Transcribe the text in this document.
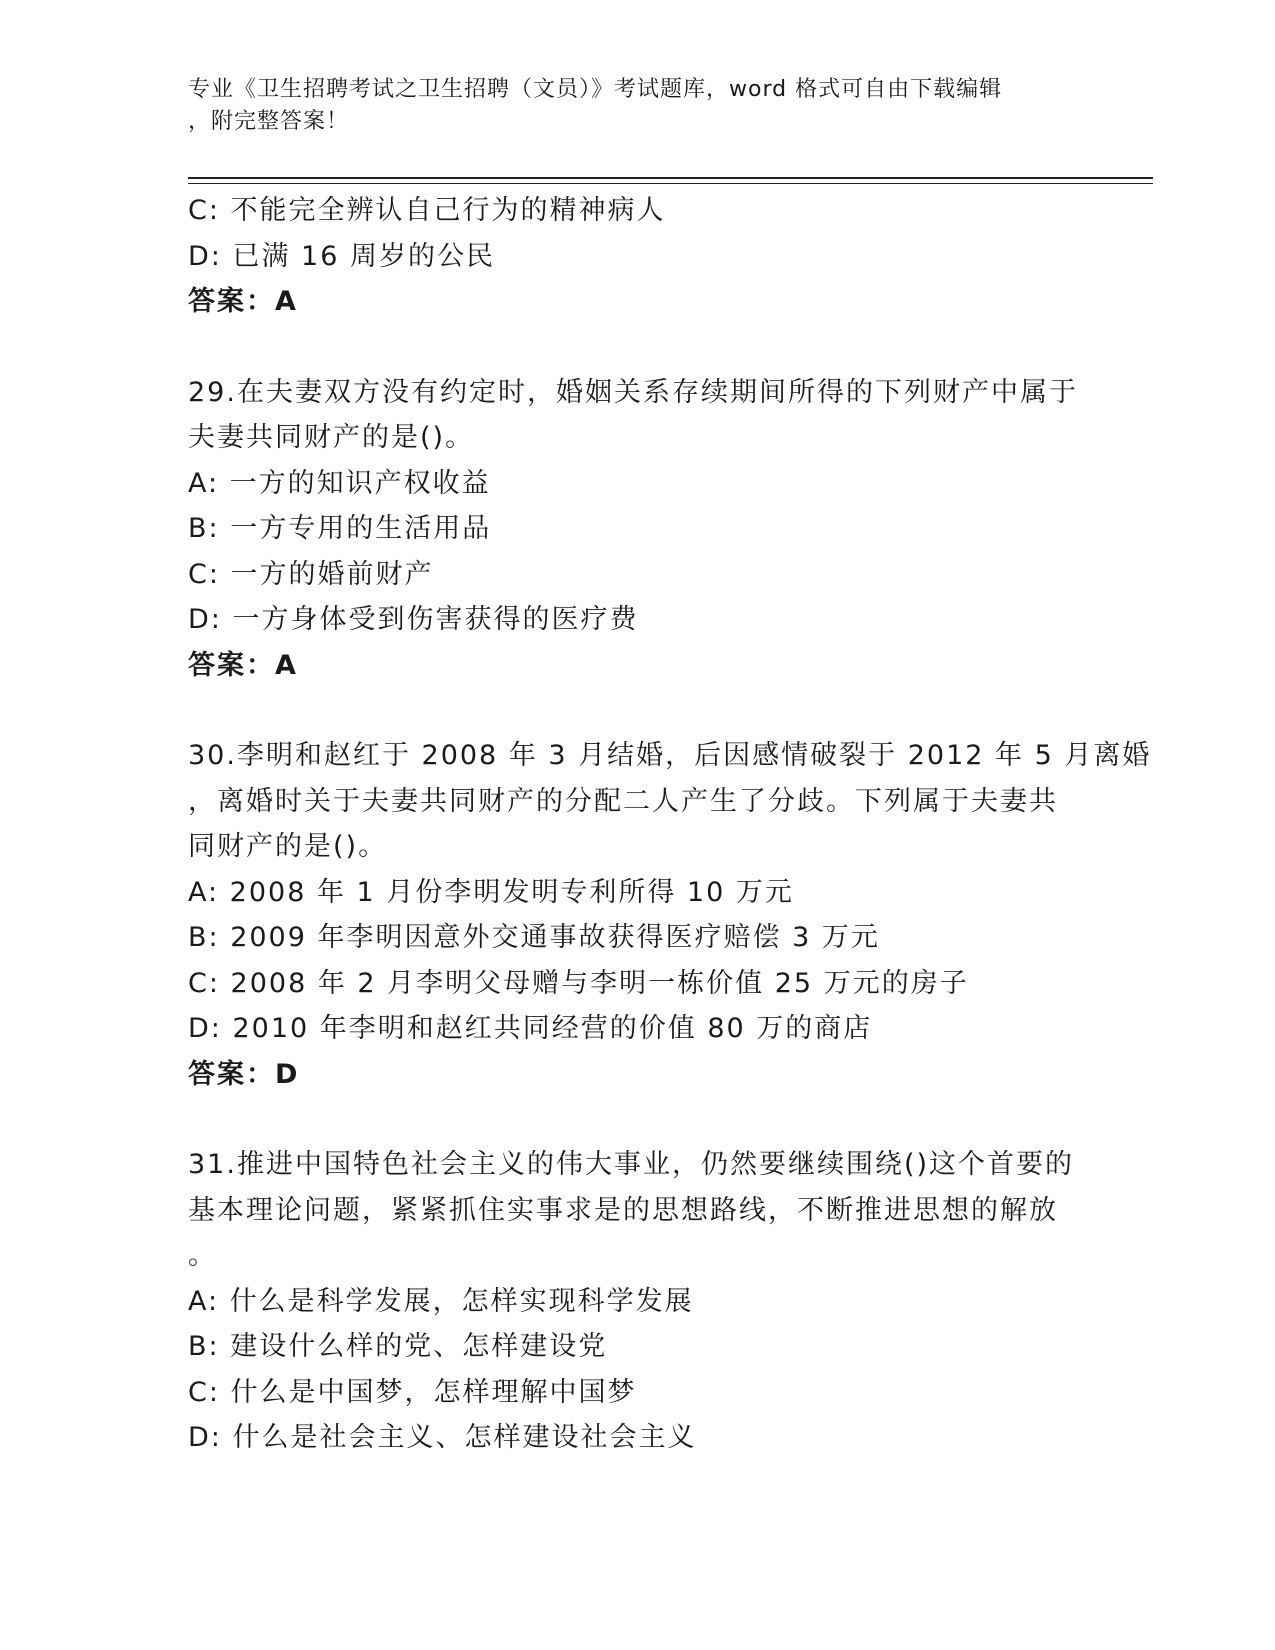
专业《卫生招聘考试之卫生招聘（文员）》考试题库，word 格式可自由下载编辑
，附完整答案！
C: 不能完全辨认自己行为的精神病人
D: 已满 16 周岁的公民
答案：A
29.在夫妻双方没有约定时，婚姻关系存续期间所得的下列财产中属于
夫妻共同财产的是()。
A: 一方的知识产权收益
B: 一方专用的生活用品
C: 一方的婚前财产
D: 一方身体受到伤害获得的医疗费
答案：A
30.李明和赵红于 2008 年 3 月结婚，后因感情破裂于 2012 年 5 月离婚
，离婚时关于夫妻共同财产的分配二人产生了分歧。下列属于夫妻共
同财产的是()。
A: 2008 年 1 月份李明发明专利所得 10 万元
B: 2009 年李明因意外交通事故获得医疗赔偿 3 万元
C: 2008 年 2 月李明父母赠与李明一栋价值 25 万元的房子
D: 2010 年李明和赵红共同经营的价值 80 万的商店
答案：D
31.推进中国特色社会主义的伟大事业，仍然要继续围绕()这个首要的
基本理论问题，紧紧抓住实事求是的思想路线，不断推进思想的解放
。
A: 什么是科学发展，怎样实现科学发展
B: 建设什么样的党、怎样建设党
C: 什么是中国梦，怎样理解中国梦
D: 什么是社会主义、怎样建设社会主义
